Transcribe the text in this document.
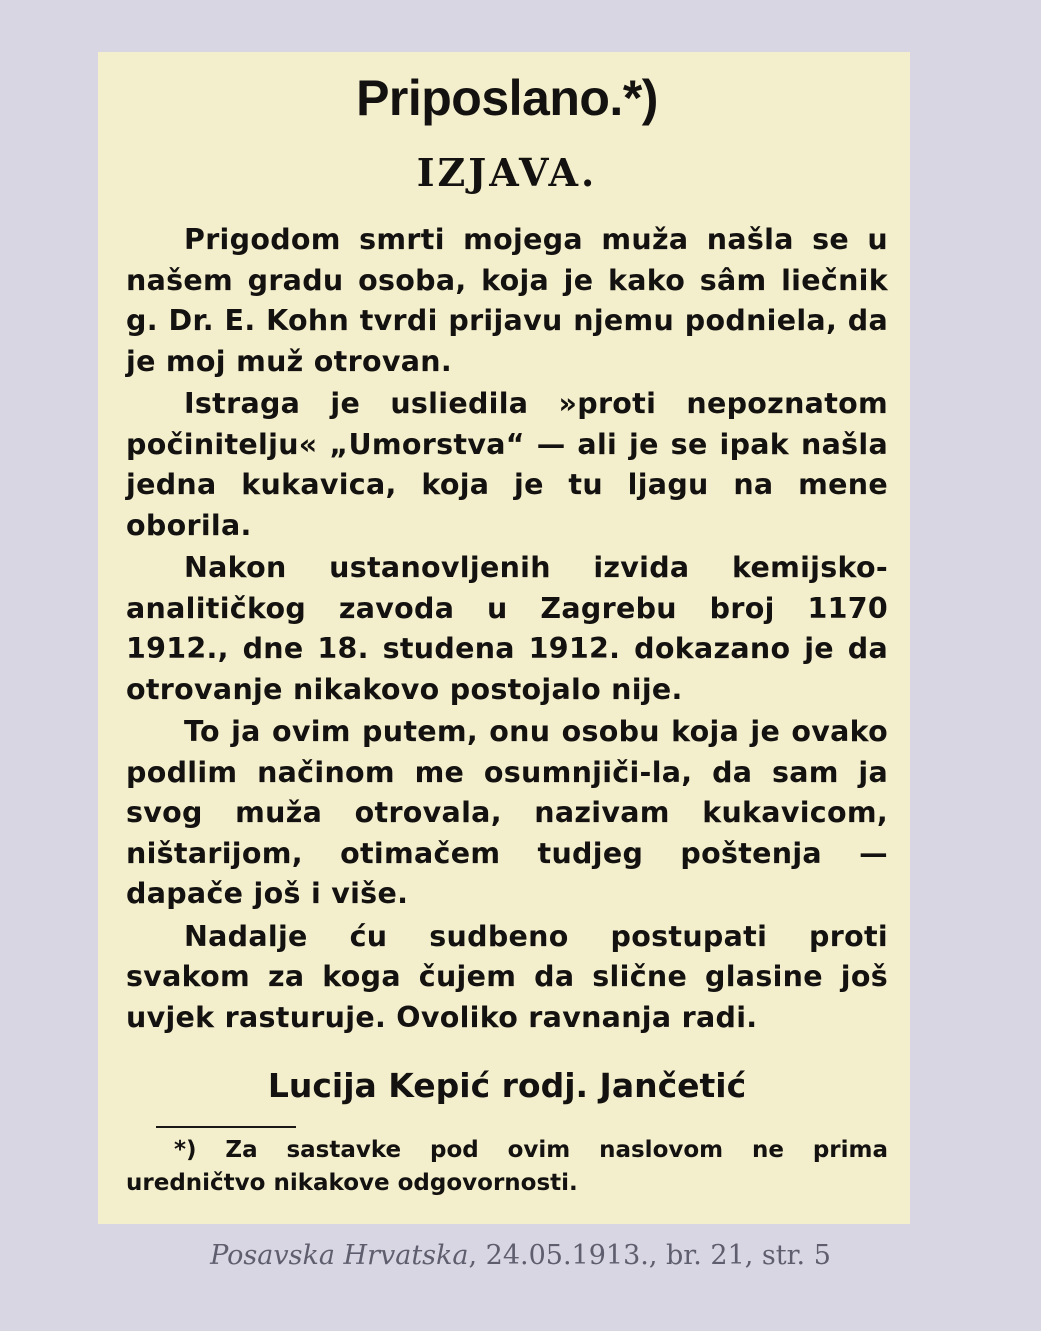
Priposlano.*)
IZJAVA.

Prigodom smrti mojega muža našla se u našem gradu osoba, koja je kako sâm liečnik g. Dr. E. Kohn tvrdi prijavu njemu podniela, da je moj muž otrovan.

Istraga je usliedila »proti nepoznatom počinitelju« „Umorstva“ — ali je se ipak našla jedna kukavica, koja je tu ljagu na mene oborila.

Nakon ustanovljenih izvida kemijsko-analitičkog zavoda u Zagrebu broj 1170 1912., dne 18. studena 1912. dokazano je da otrovanje nikakovo postojalo nije.

To ja ovim putem, onu osobu koja je ovako podlim načinom me osumnjiči-la, da sam ja svog muža otrovala, nazivam kukavicom, ništarijom, otimačem tudjeg poštenja — dapače još i više.

Nadalje ću sudbeno postupati proti svakom za koga čujem da slične glasine još uvjek rasturuje. Ovoliko ravnanja radi.

Lucija Kepić rodj. Jančetić

*) Za sastavke pod ovim naslovom ne prima uredničtvo nikakove odgovornosti.

Posavska Hrvatska, 24.05.1913., br. 21, str. 5
